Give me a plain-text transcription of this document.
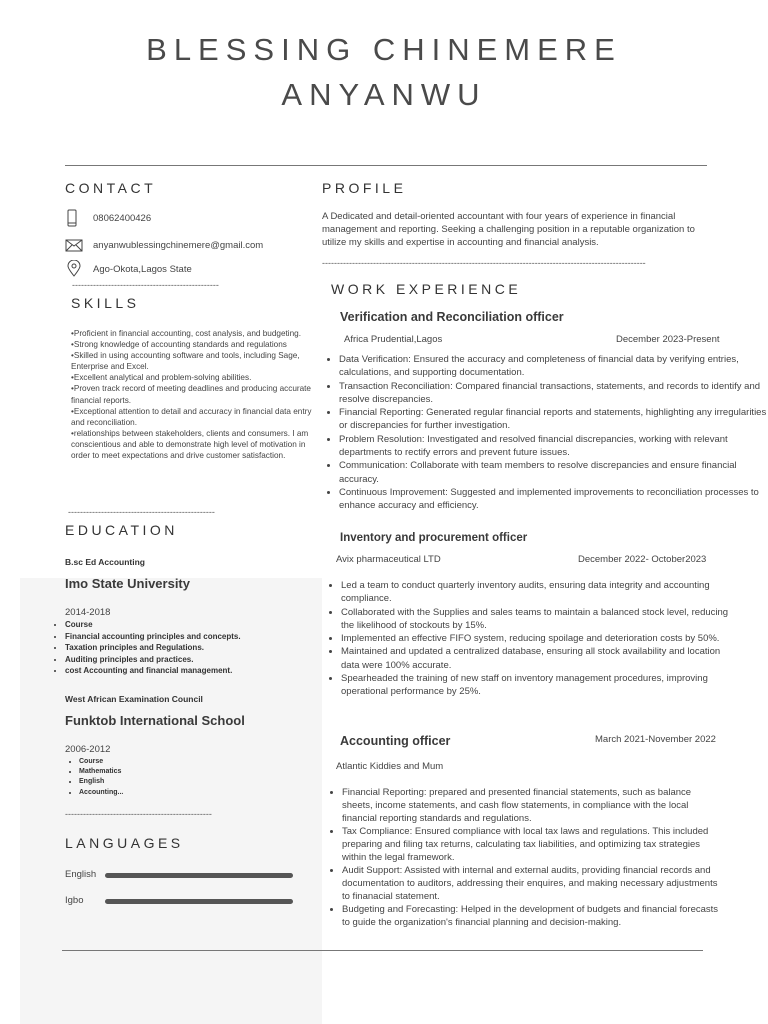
BLESSING CHINEMERE
ANYANWU
CONTACT
08062400426
anyanwublessingchinemere@gmail.com
Ago-Okota,Lagos State
-------------------------------------------------
SKILLS
•Proficient in financial accounting, cost analysis, and budgeting.
•Strong knowledge of accounting standards and regulations
•Skilled in using accounting software and tools, including Sage, Enterprise and Excel.
•Excellent analytical and problem-solving abilities.
•Proven track record of meeting deadlines and producing accurate financial reports.
•Exceptional attention to detail and accuracy in financial data entry and reconciliation.
•relationships between stakeholders, clients and consumers. I am conscientious and able to demonstrate high level of motivation in order to meet expectations and drive customer satisfaction.
-------------------------------------------------
EDUCATION
B.sc Ed Accounting
Imo State University
2014-2018
• Course
• Financial accounting principles and concepts.
• Taxation principles and Regulations.
• Auditing principles and practices.
• cost Accounting and financial management.
West African Examination Council
Funktob International School
2006-2012
• Course
• Mathematics
• English
• Accounting...
-------------------------------------------------
LANGUAGES
English
Igbo
PROFILE
A Dedicated and detail-oriented accountant with four years of experience in financial management and reporting. Seeking a challenging position in a reputable organization to utilize my skills and expertise in accounting and financial analysis.
------------------------------------------------------------------------------------------------------------
WORK EXPERIENCE
Verification and Reconciliation officer
Africa Prudential,Lagos	December 2023-Present
• Data Verification: Ensured the accuracy and completeness of financial data by verifying entries, calculations, and supporting documentation.
• Transaction Reconciliation: Compared financial transactions, statements, and records to identify and resolve discrepancies.
• Financial Reporting: Generated regular financial reports and statements, highlighting any irregularities or discrepancies for further investigation.
• Problem Resolution: Investigated and resolved financial discrepancies, working with relevant departments to rectify errors and prevent future issues.
• Communication: Collaborate with team members to resolve discrepancies and ensure financial accuracy.
• Continuous Improvement: Suggested and implemented improvements to reconciliation processes to enhance accuracy and efficiency.
Inventory and procurement officer
Avix pharmaceutical LTD	December 2022- October2023
• Led a team to conduct quarterly inventory audits, ensuring data integrity and accounting compliance.
• Collaborated with the Supplies and sales teams to maintain a balanced stock level, reducing the likelihood of stockouts by 15%.
• Implemented an effective FIFO system, reducing spoilage and deterioration costs by 50%.
• Maintained and updated a centralized database, ensuring all stock availability and location data were 100% accurate.
• Spearheaded the training of new staff on inventory management procedures, improving operational performance by 25%.
Accounting officer	March 2021-November 2022
Atlantic Kiddies and Mum
• Financial Reporting: prepared and presented financial statements, such as balance sheets, income statements, and cash flow statements, in compliance with the local financial reporting standards and regulations.
• Tax Compliance: Ensured compliance with local tax laws and regulations. This included preparing and filing tax returns, calculating tax liabilities, and optimizing tax strategies within the legal framework.
• Audit Support: Assisted with internal and external audits, providing financial records and documentation to auditors, addressing their enquires, and making necessary adjustments to finanacial statement.
• Budgeting and Forecasting: Helped in the development of budgets and financial forecasts to guide the organization's financial planning and decision-making.
